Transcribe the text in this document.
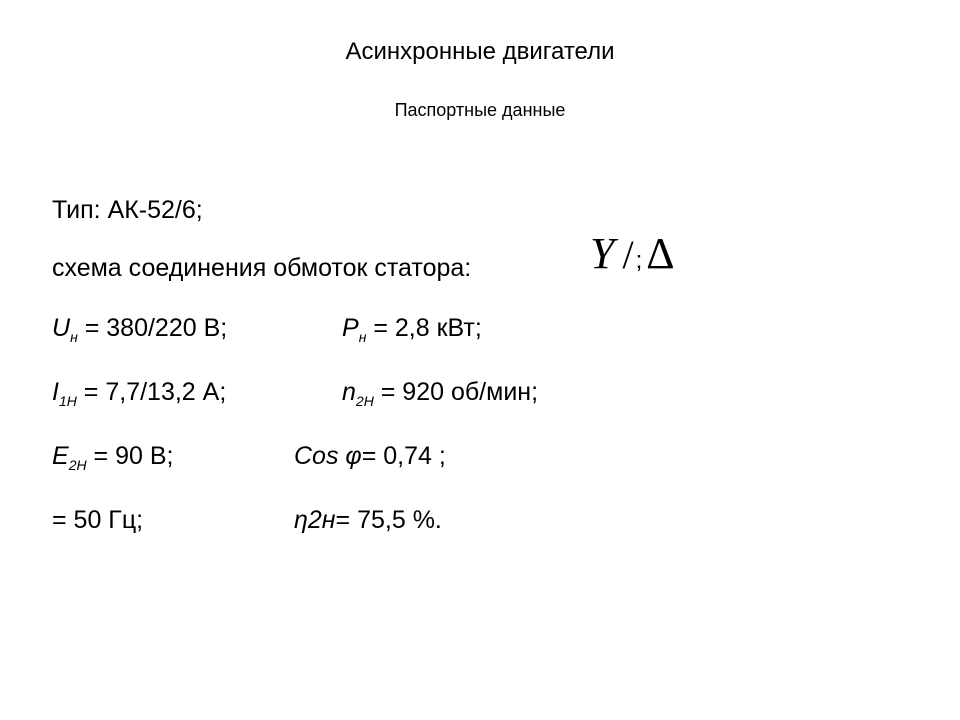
Асинхронные двигатели
Паспортные данные
Тип: АК-52/6;
схема соединения обмоток статора:	Y /;Δ
$U_н = 380/220$ В;	$P_н = 2,8$ кВт;
$I_{1Н} = 7,7/13,2$ А;	$n_{2Н} = 920$ об/мин;
$E_{2Н} = 90$ В;	Cos φ= 0,74 ;
= 50 Гц;	η2н= 75,5 %.
